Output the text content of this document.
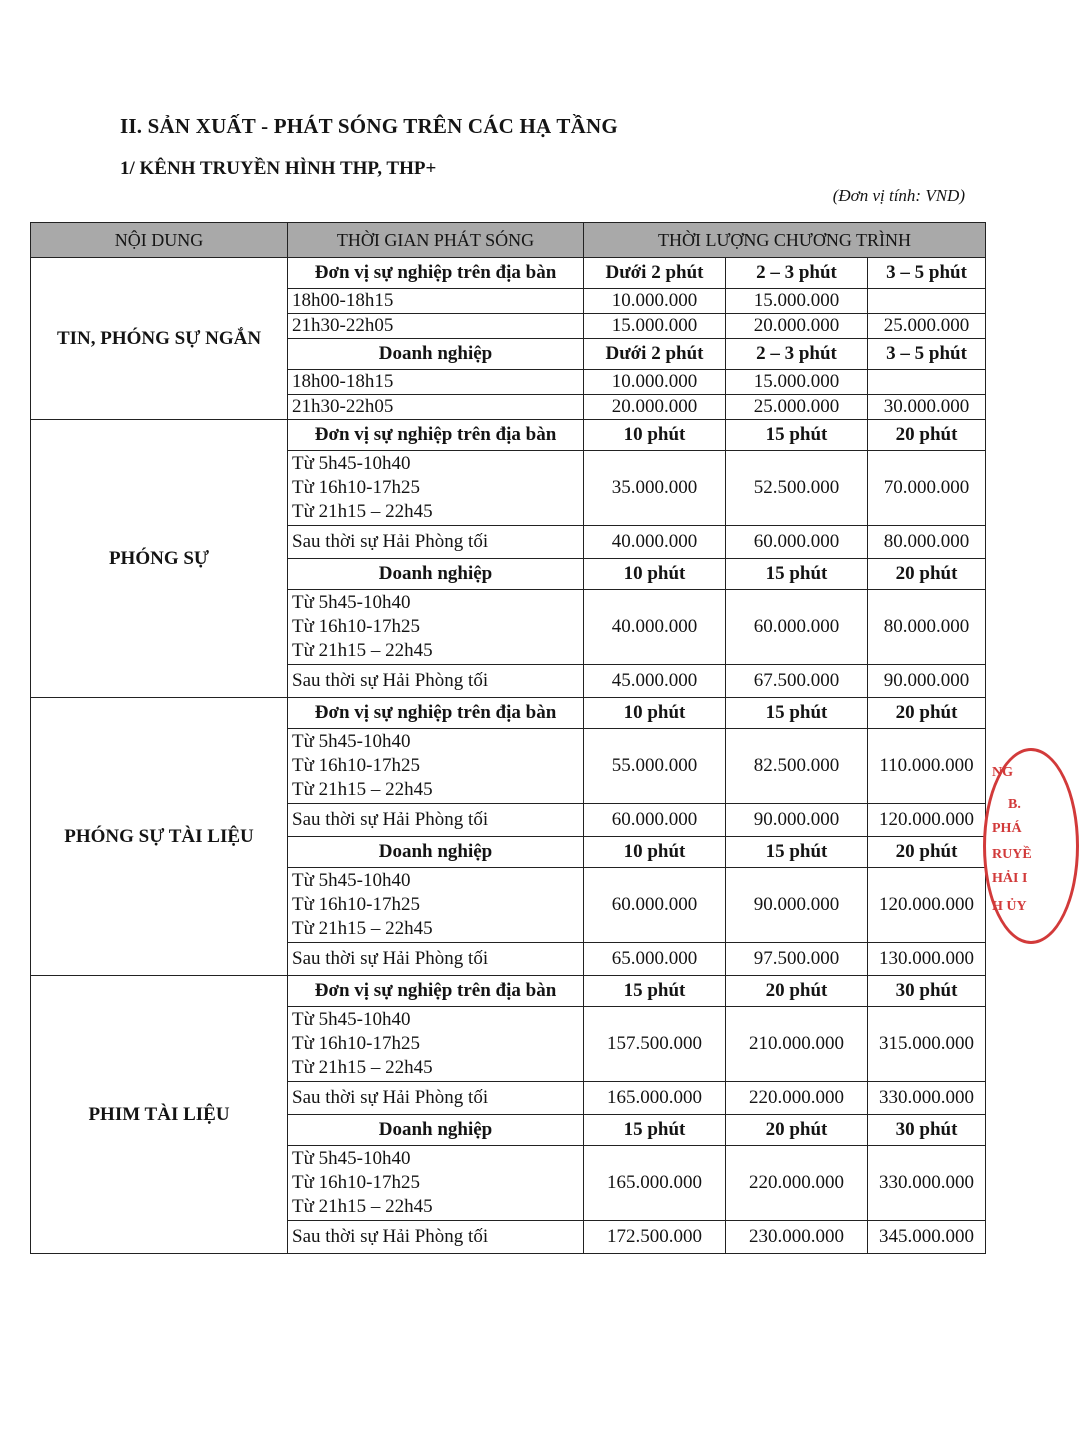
II. SẢN XUẤT - PHÁT SÓNG TRÊN CÁC HẠ TẦNG
1/ KÊNH TRUYỀN HÌNH THP, THP+
(Đơn vị tính: VND)
NỘI DUNG	THỜI GIAN PHÁT SÓNG	THỜI LƯỢNG CHƯƠNG TRÌNH		
TIN, PHÓNG SỰ NGẮN	Đơn vị sự nghiệp trên địa bàn	Dưới 2 phút	2 – 3 phút	3 – 5 phút
	18h00-18h15	10.000.000	15.000.000	
	21h30-22h05	15.000.000	20.000.000	25.000.000
	Doanh nghiệp	Dưới 2 phút	2 – 3 phút	3 – 5 phút
	18h00-18h15	10.000.000	15.000.000	
	21h30-22h05	20.000.000	25.000.000	30.000.000
PHÓNG SỰ	Đơn vị sự nghiệp trên địa bàn	10 phút	15 phút	20 phút
	Từ 5h45-10h40
Từ 16h10-17h25
Từ 21h15 – 22h45	35.000.000	52.500.000	70.000.000
	Sau thời sự Hải Phòng tối	40.000.000	60.000.000	80.000.000
	Doanh nghiệp	10 phút	15 phút	20 phút
	Từ 5h45-10h40
Từ 16h10-17h25
Từ 21h15 – 22h45	40.000.000	60.000.000	80.000.000
	Sau thời sự Hải Phòng tối	45.000.000	67.500.000	90.000.000
PHÓNG SỰ TÀI LIỆU	Đơn vị sự nghiệp trên địa bàn	10 phút	15 phút	20 phút
	Từ 5h45-10h40
Từ 16h10-17h25
Từ 21h15 – 22h45	55.000.000	82.500.000	110.000.000
	Sau thời sự Hải Phòng tối	60.000.000	90.000.000	120.000.000
	Doanh nghiệp	10 phút	15 phút	20 phút
	Từ 5h45-10h40
Từ 16h10-17h25
Từ 21h15 – 22h45	60.000.000	90.000.000	120.000.000
	Sau thời sự Hải Phòng tối	65.000.000	97.500.000	130.000.000
PHIM TÀI LIỆU	Đơn vị sự nghiệp trên địa bàn	15 phút	20 phút	30 phút
	Từ 5h45-10h40
Từ 16h10-17h25
Từ 21h15 – 22h45	157.500.000	210.000.000	315.000.000
	Sau thời sự Hải Phòng tối	165.000.000	220.000.000	330.000.000
	Doanh nghiệp	15 phút	20 phút	30 phút
	Từ 5h45-10h40
Từ 16h10-17h25
Từ 21h15 – 22h45	165.000.000	220.000.000	330.000.000
	Sau thời sự Hải Phòng tối	172.500.000	230.000.000	345.000.000
NG
B.
PHÁ
RUYỀ
HẢI I
H ỦY
